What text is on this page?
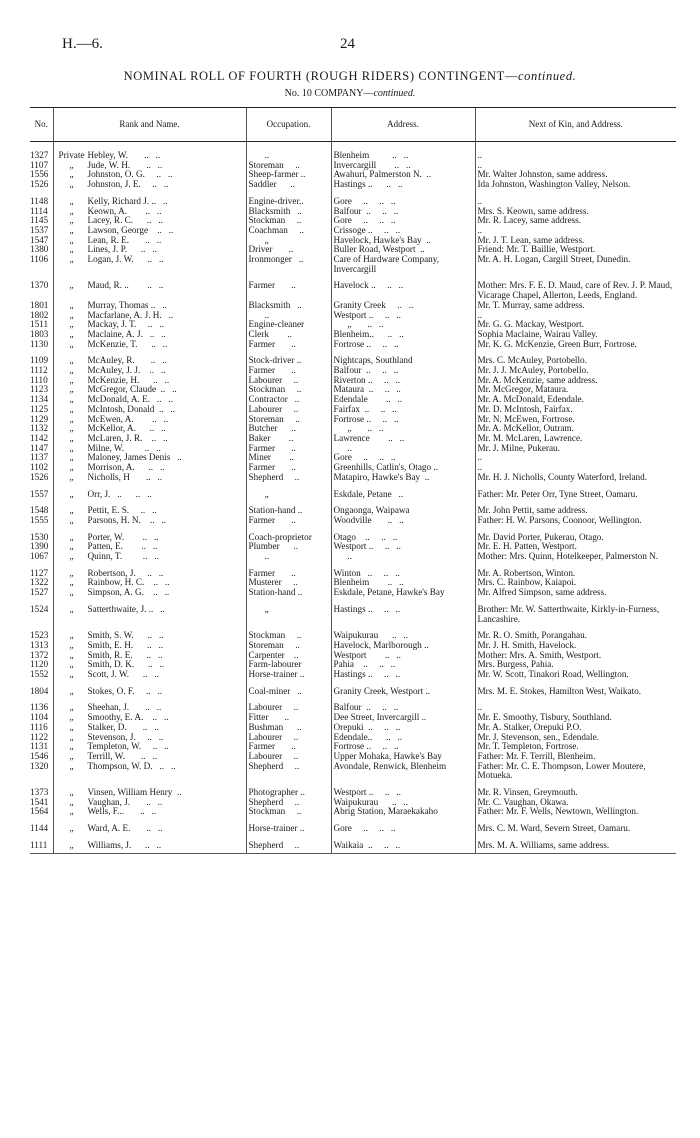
H.—6.	24
NOMINAL ROLL OF FOURTH (ROUGH RIDERS) CONTINGENT—continued.
No. 10 COMPANY—continued.
No.	Rank and Name.	Occupation.	Address.	Next of Kin, and Address.
1327	Private Hebley, W.       ..   ..	..	Blenheim          ..   ..	..
1107	„ Jude, W. H.       ..   ..	Storeman     ..	Invercargill        ..   ..	..
1556	„ Johnston, O. G.     ..   ..	Sheep-farmer ..	Awahuri, Palmerston N.  ..	Mr. Walter Johnston, same address.
1526	„ Johnston, J. E.     ..   ..	Saddler      ..	Hastings ..      ..   ..	Ida Johnston, Washington Valley, Nelson.
1148	„ Kelly, Richard J. ..   ..	Engine-driver..	Gore     ..     ..   ..	..
1114	„ Keown, A.        ..   ..	Blacksmith   ..	Balfour  ..     ..   ..	Mrs. S. Keown, same address.
1145	„ Lacey, R. C.      ..   ..	Stockman     ..	Gore     ..     ..   ..	Mr. R. Lacey, same address.
1537	„ Lawson, George    ..   ..	Coachman     ..	Crissoge ..     ..   ..	..
1547	„ Lean, R. E.       ..   ..	„	Havelock, Hawke's Bay  ..	Mr. J. T. Lean, same address.
1380	„ Lines, J. P.      ..   ..	Driver       ..	Buller Road, Westport  ..	Friend: Mr. T. Baillie, Westport.
1106	„ Logan, J. W.      ..   ..	Ironmonger   ..	Care of Hardware Company, Invercargill	Mr. A. H. Logan, Cargill Street, Dunedin.
1370	„ Maud, R. ..        ..   ..	Farmer       ..	Havelock ..     ..   ..	Mother: Mrs. F. E. D. Maud, care of Rev. J. P. Maud, Vicarage Chapel, Allerton, Leeds, England.
1801	„ Murray, Thomas ..   ..	Blacksmith   ..	Granity Creek     ..   ..	Mr. T. Murray, same address.
1802	„ Macfarlane, A. J. H.   ..	..	Westport ..     ..   ..	..
1511	„ Mackay, J. T.     ..   ..	Engine-cleaner	„       ..   ..	Mr. G. G. Mackay, Westport.
1803	„ Maclaine, A. J.   ..   ..	Clerk        ..	Blenheim..      ..   ..	Sophia Maclaine, Wairau Valley.
1130	„ McKenzie, T.      ..   ..	Farmer       ..	Fortrose ..     ..   ..	Mr. K. G. McKenzie, Green Burr, Fortrose.
1109	„ McAuley, R.       ..   ..	Stock-driver ..	Nightcaps, Southland	Mrs. C. McAuley, Portobello.
1112	„ McAuley, J. J.    ..   ..	Farmer       ..	Balfour  ..     ..   ..	Mr. J. J. McAuley, Portobello.
1110	„ McKenzie, H.      ..   ..	Labourer     ..	Riverton ..     ..   ..	Mr. A. McKenzie, same address.
1123	„ McGregor, Claude  ..   ..	Stockman     ..	Mataura  ..     ..   ..	Mr. McGregor, Mataura.
1134	„ McDonald, A. E.   ..   ..	Contractor   ..	Edendale        ..   ..	Mr. A. McDonald, Edendale.
1125	„ McIntosh, Donald  ..   ..	Labourer     ..	Fairfax  ..     ..   ..	Mr. D. McIntosh, Fairfax.
1129	„ McEwen, A.        ..   ..	Storeman     ..	Fortrose ..     ..   ..	Mr. N. McEwen, Fortrose.
1132	„ McKellor, A.      ..   ..	Butcher      ..	„       ..   ..	Mr. A. McKellor, Outram.
1142	„ McLaren, J. R.    ..   ..	Baker        ..	Lawrence        ..   ..	Mr. M. McLaren, Lawrence.
1147	„ Milne, W.         ..   ..	Farmer       ..	..	Mr. J. Milne, Pukerau.
1137	„ Maloney, James Denis   ..	Miner        ..	Gore     ..     ..   ..	..
1102	„ Morrison, A.      ..   ..	Farmer       ..	Greenhills, Catlin's, Otago ..	..
1526	„ Nicholls, H       ..   ..	Shepherd     ..	Matapiro, Hawke's Bay  ..	Mr. H. J. Nicholls, County Waterford, Ireland.
1557	„ Orr, J.   ..      ..   ..	„	Eskdale, Petane   ..	Father: Mr. Peter Orr, Tyne Street, Oamaru.
1548	„ Pettit, E. S.     ..   ..	Station-hand ..	Ongaonga, Waipawa	Mr. John Pettit, same address.
1555	„ Parsons, H. N.    ..   ..	Farmer       ..	Woodville       ..   ..	Father: H. W. Parsons, Coonoor, Wellington.
1530	„ Porter, W.        ..   ..	Coach-proprietor	Otago    ..     ..   ..	Mr. David Porter, Pukerau, Otago.
1390	„ Patten, E.        ..   ..	Plumber      ..	Westport ..     ..   ..	Mr. E. H. Patten, Westport.
1067	„ Quinn, T.         ..   ..	..	..	Mother: Mrs. Quinn, Hotelkeeper, Palmerston N.
1127	„ Robertson, J.     ..   ..	Farmer       ..	Winton   ..     ..   ..	Mr. A. Robertson, Winton.
1322	„ Rainbow, H. C.    ..   ..	Musterer     ..	Blenheim        ..   ..	Mrs. C. Rainbow, Kaiapoi.
1527	„ Simpson, A. G.    ..   ..	Station-hand ..	Eskdale, Petane, Hawke's Bay	Mr. Alfred Simpson, same address.
1524	„ Satterthwaite, J. ..   ..	„	Hastings ..     ..   ..	Brother: Mr. W. Satterthwaite, Kirkly-in-Furness, Lancashire.
1523	„ Smith, S. W.      ..   ..	Stockman     ..	Waipukurau      ..   ..	Mr. R. O. Smith, Porangahau.
1313	„ Smith, E. H.      ..   ..	Storeman     ..	Havelock, Marlborough ..	Mr. J. H. Smith, Havelock.
1372	„ Smith, R. E.      ..   ..	Carpenter    ..	Westport        ..   ..	Mother: Mrs. A. Smith, Westport.
1120	„ Smith, D. K.      ..   ..	Farm-labourer	Pahia    ..     ..   ..	Mrs. Burgess, Pahia.
1552	„ Scott, J. W.      ..   ..	Horse-trainer ..	Hastings ..     ..   ..	Mr. W. Scott, Tinakori Road, Wellington.
1804	„ Stokes, O. F.     ..   ..	Coal-miner   ..	Granity Creek, Westport ..	Mrs. M. E. Stokes, Hamilton West, Waikato.
1136	„ Sheehan, J.       ..   ..	Labourer     ..	Balfour  ..     ..   ..	..
1104	„ Smoothy, E. A.    ..   ..	Fitter       ..	Dee Street, Invercargill ..	Mr. E. Smoothy, Tisbury, Southland.
1116	„ Stalker, D.       ..   ..	Bushman      ..	Orepuki  ..     ..   ..	Mr. A. Stalker, Orepuki P.O.
1122	„ Stevenson, J.     ..   ..	Labourer     ..	Edendale..      ..   ..	Mr. J. Stevenson, sen., Edendale.
1131	„ Templeton, W.     ..   ..	Farmer       ..	Fortrose ..     ..   ..	Mr. T. Templeton, Fortrose.
1546	„ Terrill, W.       ..   ..	Labourer     ..	Upper Mohaka, Hawke's Bay	Father: Mr. F. Terrill, Blenheim.
1320	„ Thompson, W. D.   ..   ..	Shepherd     ..	Avondale, Renwick, Blenheim	Father: Mr. C. E. Thompson, Lower Moutere, Motueka.
1373	„ Vinsen, William Henry  ..	Photographer ..	Westport ..     ..   ..	Mr. R. Vinsen, Greymouth.
1541	„ Vaughan, J.       ..   ..	Shepherd     ..	Waipukurau      ..   ..	Mr. C. Vaughan, Okawa.
1564	„ Wells, F...       ..   ..	Stockman     ..	Abrig Station, Maraekakaho	Father: Mr. F. Wells, Newtown, Wellington.
1144	„ Ward, A. E.       ..   ..	Horse-trainer ..	Gore     ..     ..   ..	Mrs. C. M. Ward, Severn Street, Oamaru.
1111	„ Williams, J.      ..   ..	Shepherd     ..	Waikaia  ..     ..   ..	Mrs. M. A. Williams, same address.
